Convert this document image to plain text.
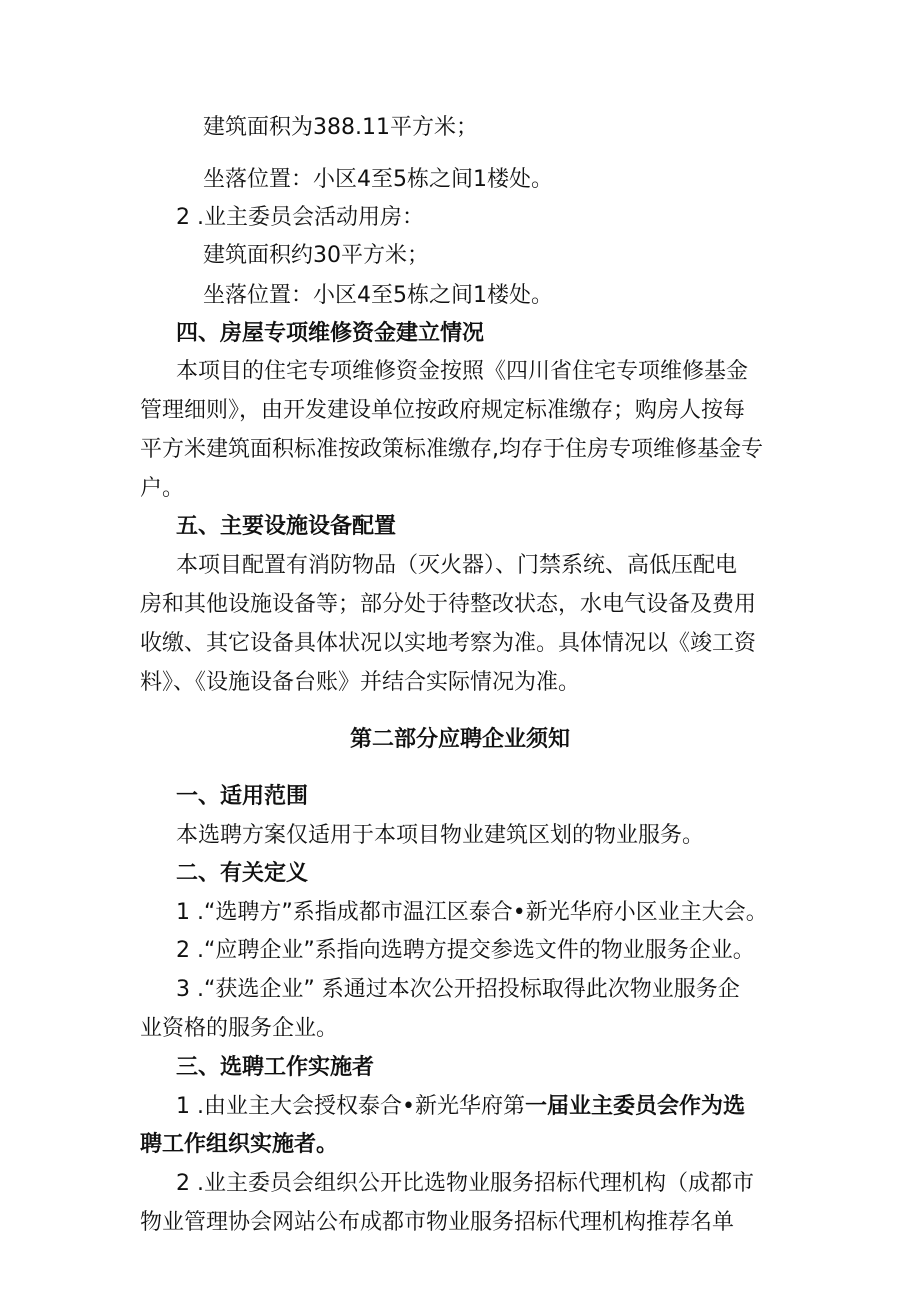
建筑面积为388.11平方米；
坐落位置：小区4至5栋之间1楼处。
2 .业主委员会活动用房：
建筑面积约30平方米；
坐落位置：小区4至5栋之间1楼处。
四、房屋专项维修资金建立情况
本项目的住宅专项维修资金按照《四川省住宅专项维修基金
管理细则》，由开发建设单位按政府规定标准缴存；购房人按每
平方米建筑面积标准按政策标准缴存,均存于住房专项维修基金专
户。
五、主要设施设备配置
本项目配置有消防物品（灭火器）、门禁系统、高低压配电
房和其他设施设备等；部分处于待整改状态，水电气设备及费用
收缴、其它设备具体状况以实地考察为准。具体情况以《竣工资
料》、《设施设备台账》并结合实际情况为准。
第二部分应聘企业须知
一、适用范围
本选聘方案仅适用于本项目物业建筑区划的物业服务。
二、有关定义
1 .“选聘方”系指成都市温江区泰合•新光华府小区业主大会。
2 .“应聘企业”系指向选聘方提交参选文件的物业服务企业。
3 .“获选企业” 系通过本次公开招投标取得此次物业服务企
业资格的服务企业。
三、选聘工作实施者
1 .由业主大会授权泰合•新光华府第一届业主委员会作为选
聘工作组织实施者。
2 .业主委员会组织公开比选物业服务招标代理机构（成都市
物业管理协会网站公布成都市物业服务招标代理机构推荐名单
